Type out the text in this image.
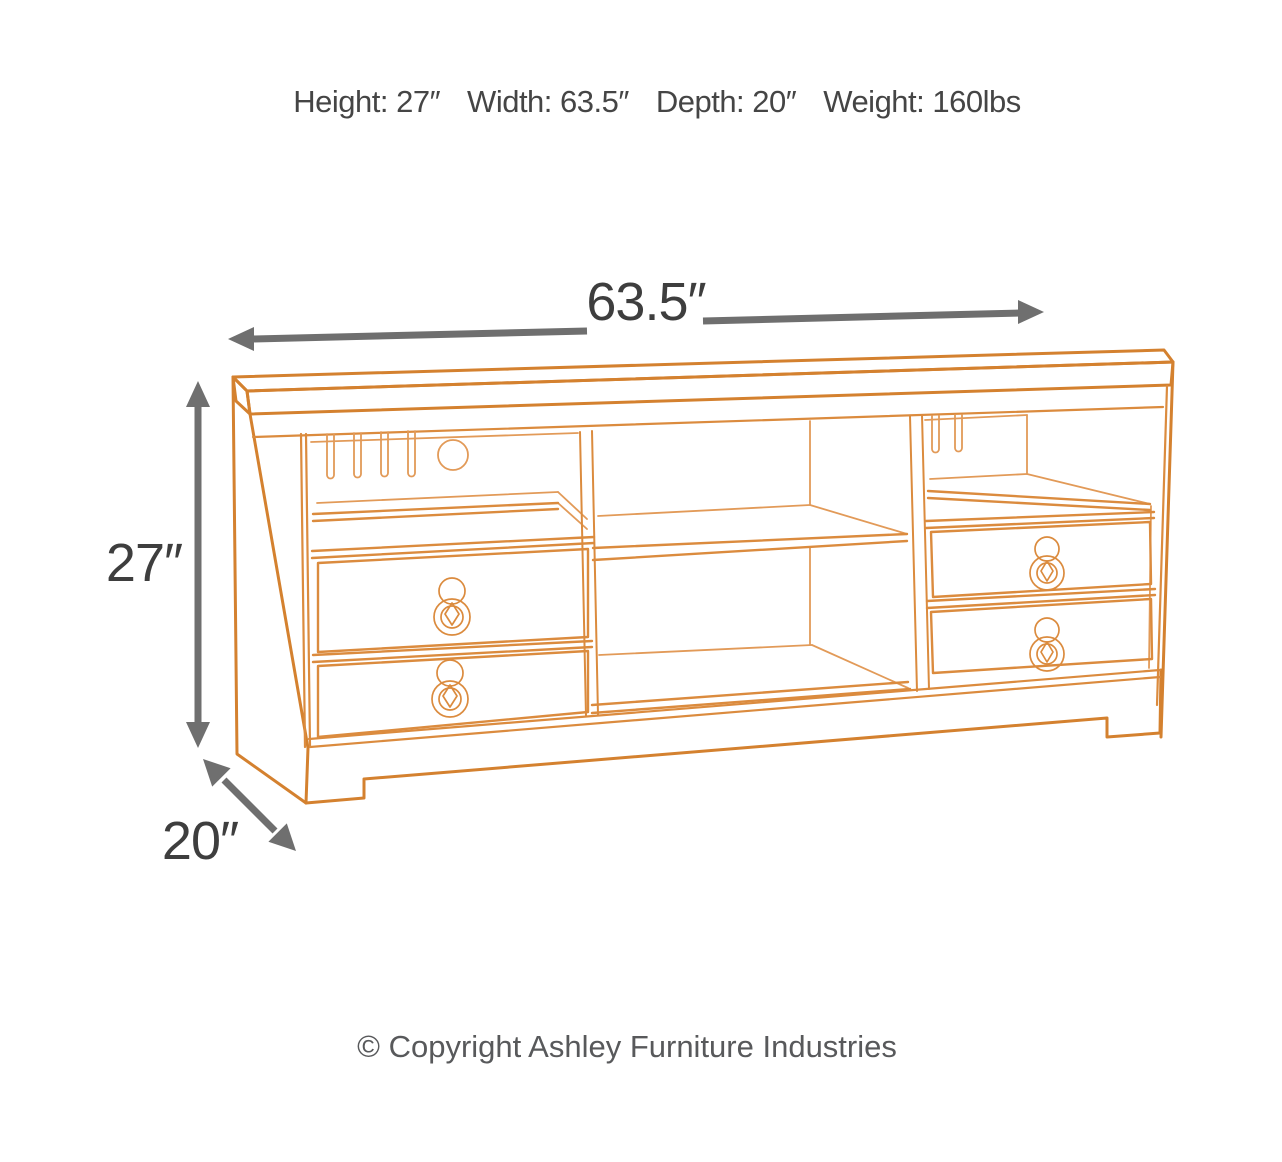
Height: 27″ Width: 63.5″ Depth: 20″ Weight: 160lbs
63.5″
27″
20″
© Copyright Ashley Furniture Industries
